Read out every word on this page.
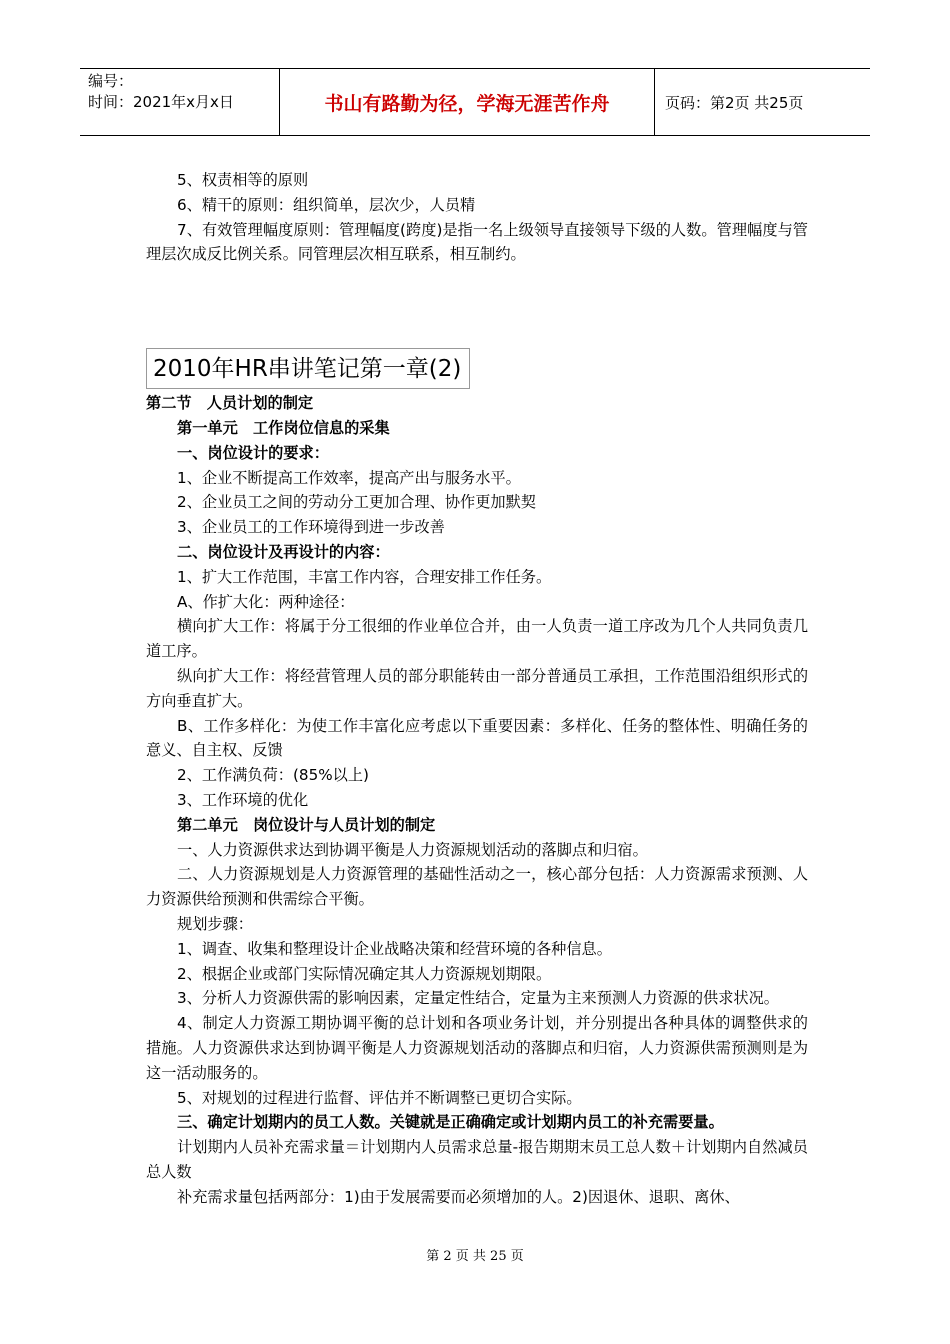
编号：
时间：2021年x月x日	书山有路勤为径，学海无涯苦作舟	页码：第2页 共25页

5、权责相等的原则

6、精干的原则：组织简单，层次少，人员精

7、有效管理幅度原则：管理幅度(跨度)是指一名上级领导直接领导下级的人数。管理幅度与管理层次成反比例关系。同管理层次相互联系，相互制约。

2010年HR串讲笔记第一章(2)

第二节　人员计划的制定

第一单元　工作岗位信息的采集

一、岗位设计的要求：

1、企业不断提高工作效率，提高产出与服务水平。

2、企业员工之间的劳动分工更加合理、协作更加默契

3、企业员工的工作环境得到进一步改善

二、岗位设计及再设计的内容：

1、扩大工作范围，丰富工作内容，合理安排工作任务。

A、作扩大化：两种途径：

横向扩大工作：将属于分工很细的作业单位合并，由一人负责一道工序改为几个人共同负责几道工序。

纵向扩大工作：将经营管理人员的部分职能转由一部分普通员工承担，工作范围沿组织形式的方向垂直扩大。

B、工作多样化：为使工作丰富化应考虑以下重要因素：多样化、任务的整体性、明确任务的意义、自主权、反馈

2、工作满负荷：(85%以上)

3、工作环境的优化

第二单元　岗位设计与人员计划的制定

一、人力资源供求达到协调平衡是人力资源规划活动的落脚点和归宿。

二、人力资源规划是人力资源管理的基础性活动之一，核心部分包括：人力资源需求预测、人力资源供给预测和供需综合平衡。

规划步骤：

1、调查、收集和整理设计企业战略决策和经营环境的各种信息。

2、根据企业或部门实际情况确定其人力资源规划期限。

3、分析人力资源供需的影响因素，定量定性结合，定量为主来预测人力资源的供求状况。

4、制定人力资源工期协调平衡的总计划和各项业务计划，并分别提出各种具体的调整供求的措施。人力资源供求达到协调平衡是人力资源规划活动的落脚点和归宿，人力资源供需预测则是为这一活动服务的。

5、对规划的过程进行监督、评估并不断调整已更切合实际。

三、确定计划期内的员工人数。关键就是正确确定或计划期内员工的补充需要量。

计划期内人员补充需求量＝计划期内人员需求总量-报告期期末员工总人数＋计划期内自然减员总人数

补充需求量包括两部分：1)由于发展需要而必须增加的人。2)因退休、退职、离休、

第 2 页 共 25 页
